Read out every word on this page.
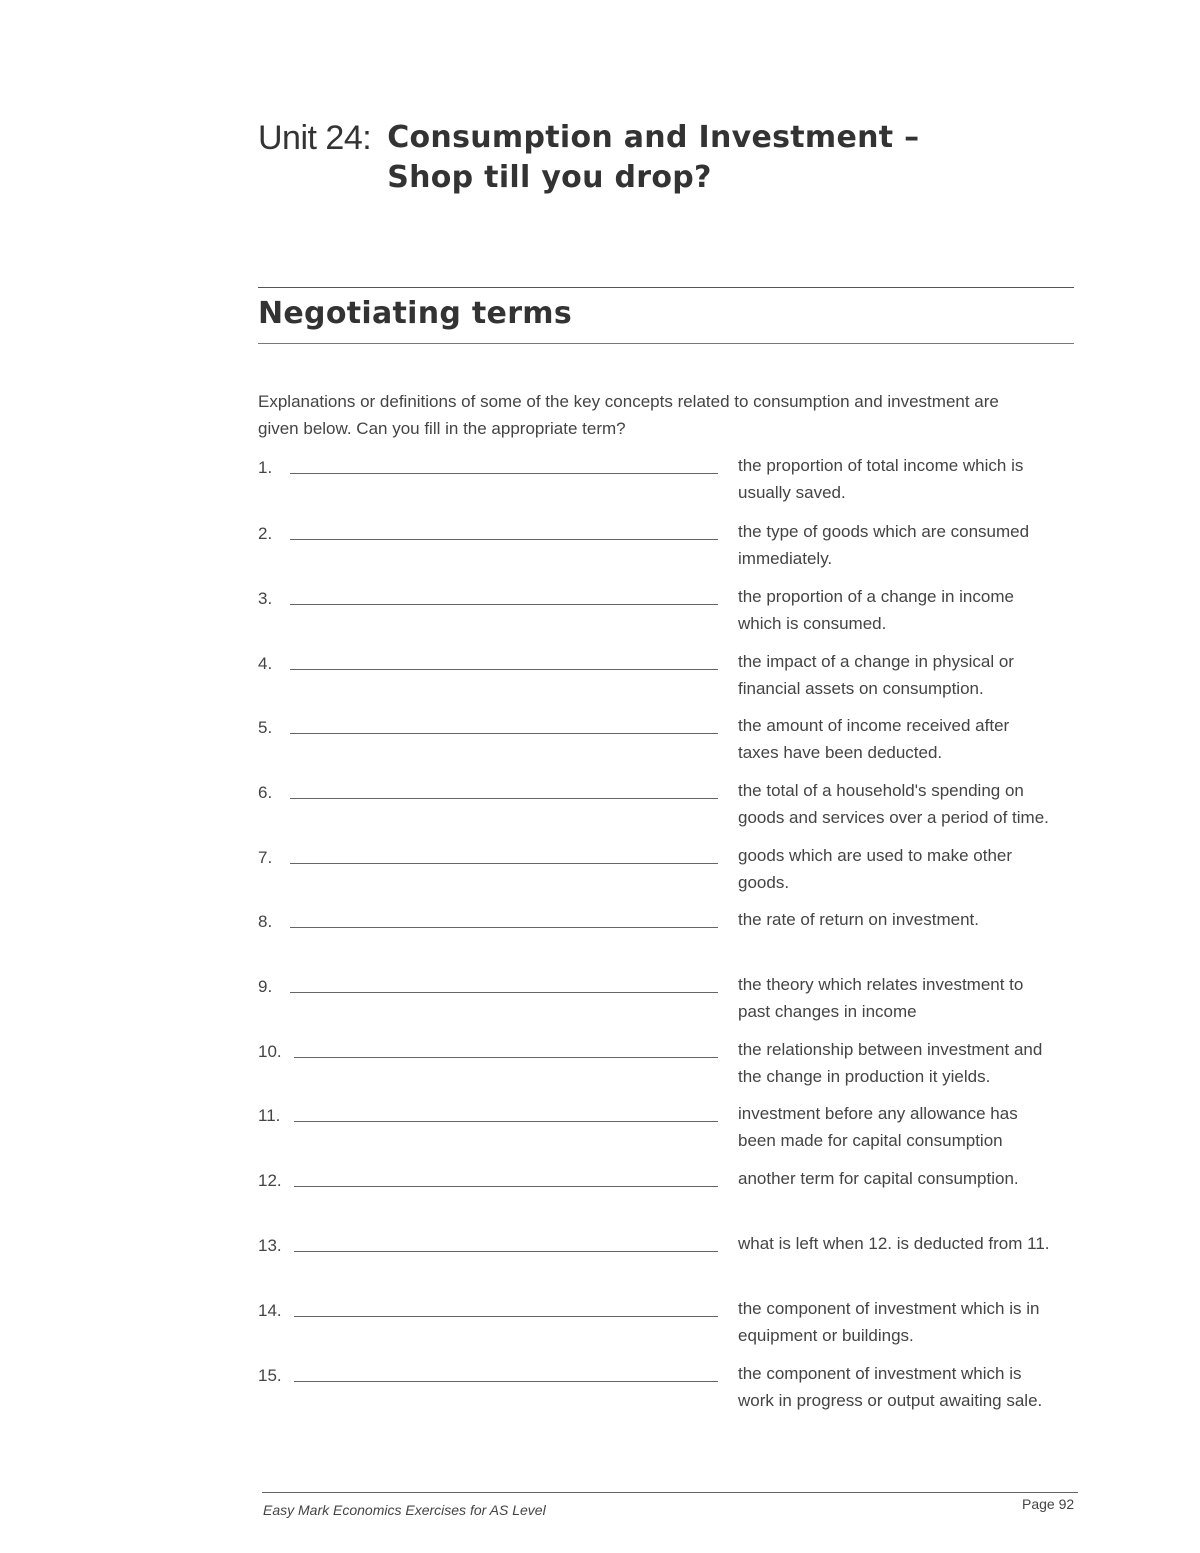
Unit 24: Consumption and Investment –
Shop till you drop?
Negotiating terms
Explanations or definitions of some of the key concepts related to consumption and investment are
given below. Can you fill in the appropriate term?
1.	the proportion of total income which is
usually saved.
2.	the type of goods which are consumed
immediately.
3.	the proportion of a change in income
which is consumed.
4.	the impact of a change in physical or
financial assets on consumption.
5.	the amount of income received after
taxes have been deducted.
6.	the total of a household's spending on
goods and services over a period of time.
7.	goods which are used to make other
goods.
8.	the rate of return on investment.
9.	the theory which relates investment to
past changes in income
10.	the relationship between investment and
the change in production it yields.
11.	investment before any allowance has
been made for capital consumption
12.	another term for capital consumption.
13.	what is left when 12. is deducted from 11.
14.	the component of investment which is in
equipment or buildings.
15.	the component of investment which is
work in progress or output awaiting sale.
Easy Mark Economics Exercises for AS Level	Page 92
